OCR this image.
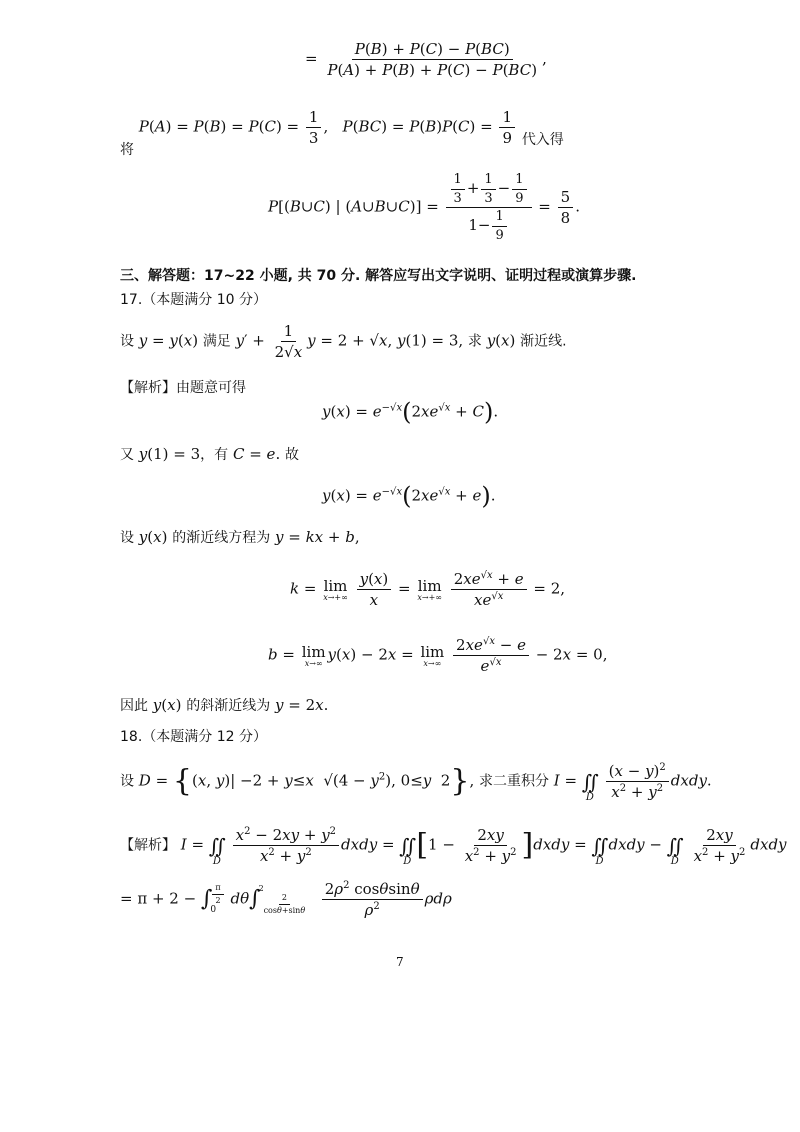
= $\frac{P(B) + P(C) - P(BC)}{P(A) + P(B) + P(C) - P(BC)}$ ,
将 $P(A) = P(B) = P(C) = \frac{1}{3}$ ,   $P(BC) = P(B)P(C) = \frac{1}{9}$ 代入得
P[(B∪C) | (A∪B∪C)] = $\frac{\frac{1}{3} + \frac{1}{3} - \frac{1}{9}}{1- \frac{1}{9}} = \frac{5}{8}$ .
三、解答题：17~22 小题, 共 70 分. 解答应写出文字说明、证明过程或演算步骤.
17.（本题满分 10 分）
设 y = y(x) 满足 $y' + \frac{1}{2√x}$ y = 2 + √x, y(1) = 3, 求 y(x) 渐近线.
【解析】由题意可得
$y(x) = e^{-√x}(2xe^{√x} + C)$.
又 y(1) = 3，有 C = e. 故
$y(x) = e^{-√x}(2xe^{√x} + e)$.
设 y(x) 的渐近线方程为 y = kx + b,
k = lim
x→+∞
$\frac{y(x)}{x} = \lim$
x→+∞
$\frac{2xe^{√x} + e}{xe^{√x}} = 2$,
b = lim
x→∞ y(x) − 2x = lim
x→∞
$\frac{2xe^{√x} - e}{e^{√x}} - 2x = 0$,
因此 y(x) 的斜渐近线为 y = 2x.
18.（本题满分 12 分）
设 D = {(x, y)| −2 + y≤x  $√(4 - y^2)$, 0≤y  2}, 求二重积分 I = ∬
D
$\frac{(x - y)^2}{x^2 + y^2}$ dxdy.
【解析】 I = ∬
D
$\frac{x^2 - 2xy + y^2}{x^2 + y^2}$ dxdy = ∬
D [$1 - \frac{2xy}{x^2 + y^2}$ ]dxdy = ∬
D
dxdy − ∬
D
$\frac{2xy}{x^2 + y^2}$ dxdy
= π + 2 − ∫ $\frac{\pi}{2}$
0
dθ∫
2
$\frac{2}{\cos\theta+\sin\theta}$
$\frac{2\rho^2 \cos\theta\sin\theta}{\rho^2}$ ρdρ
7
